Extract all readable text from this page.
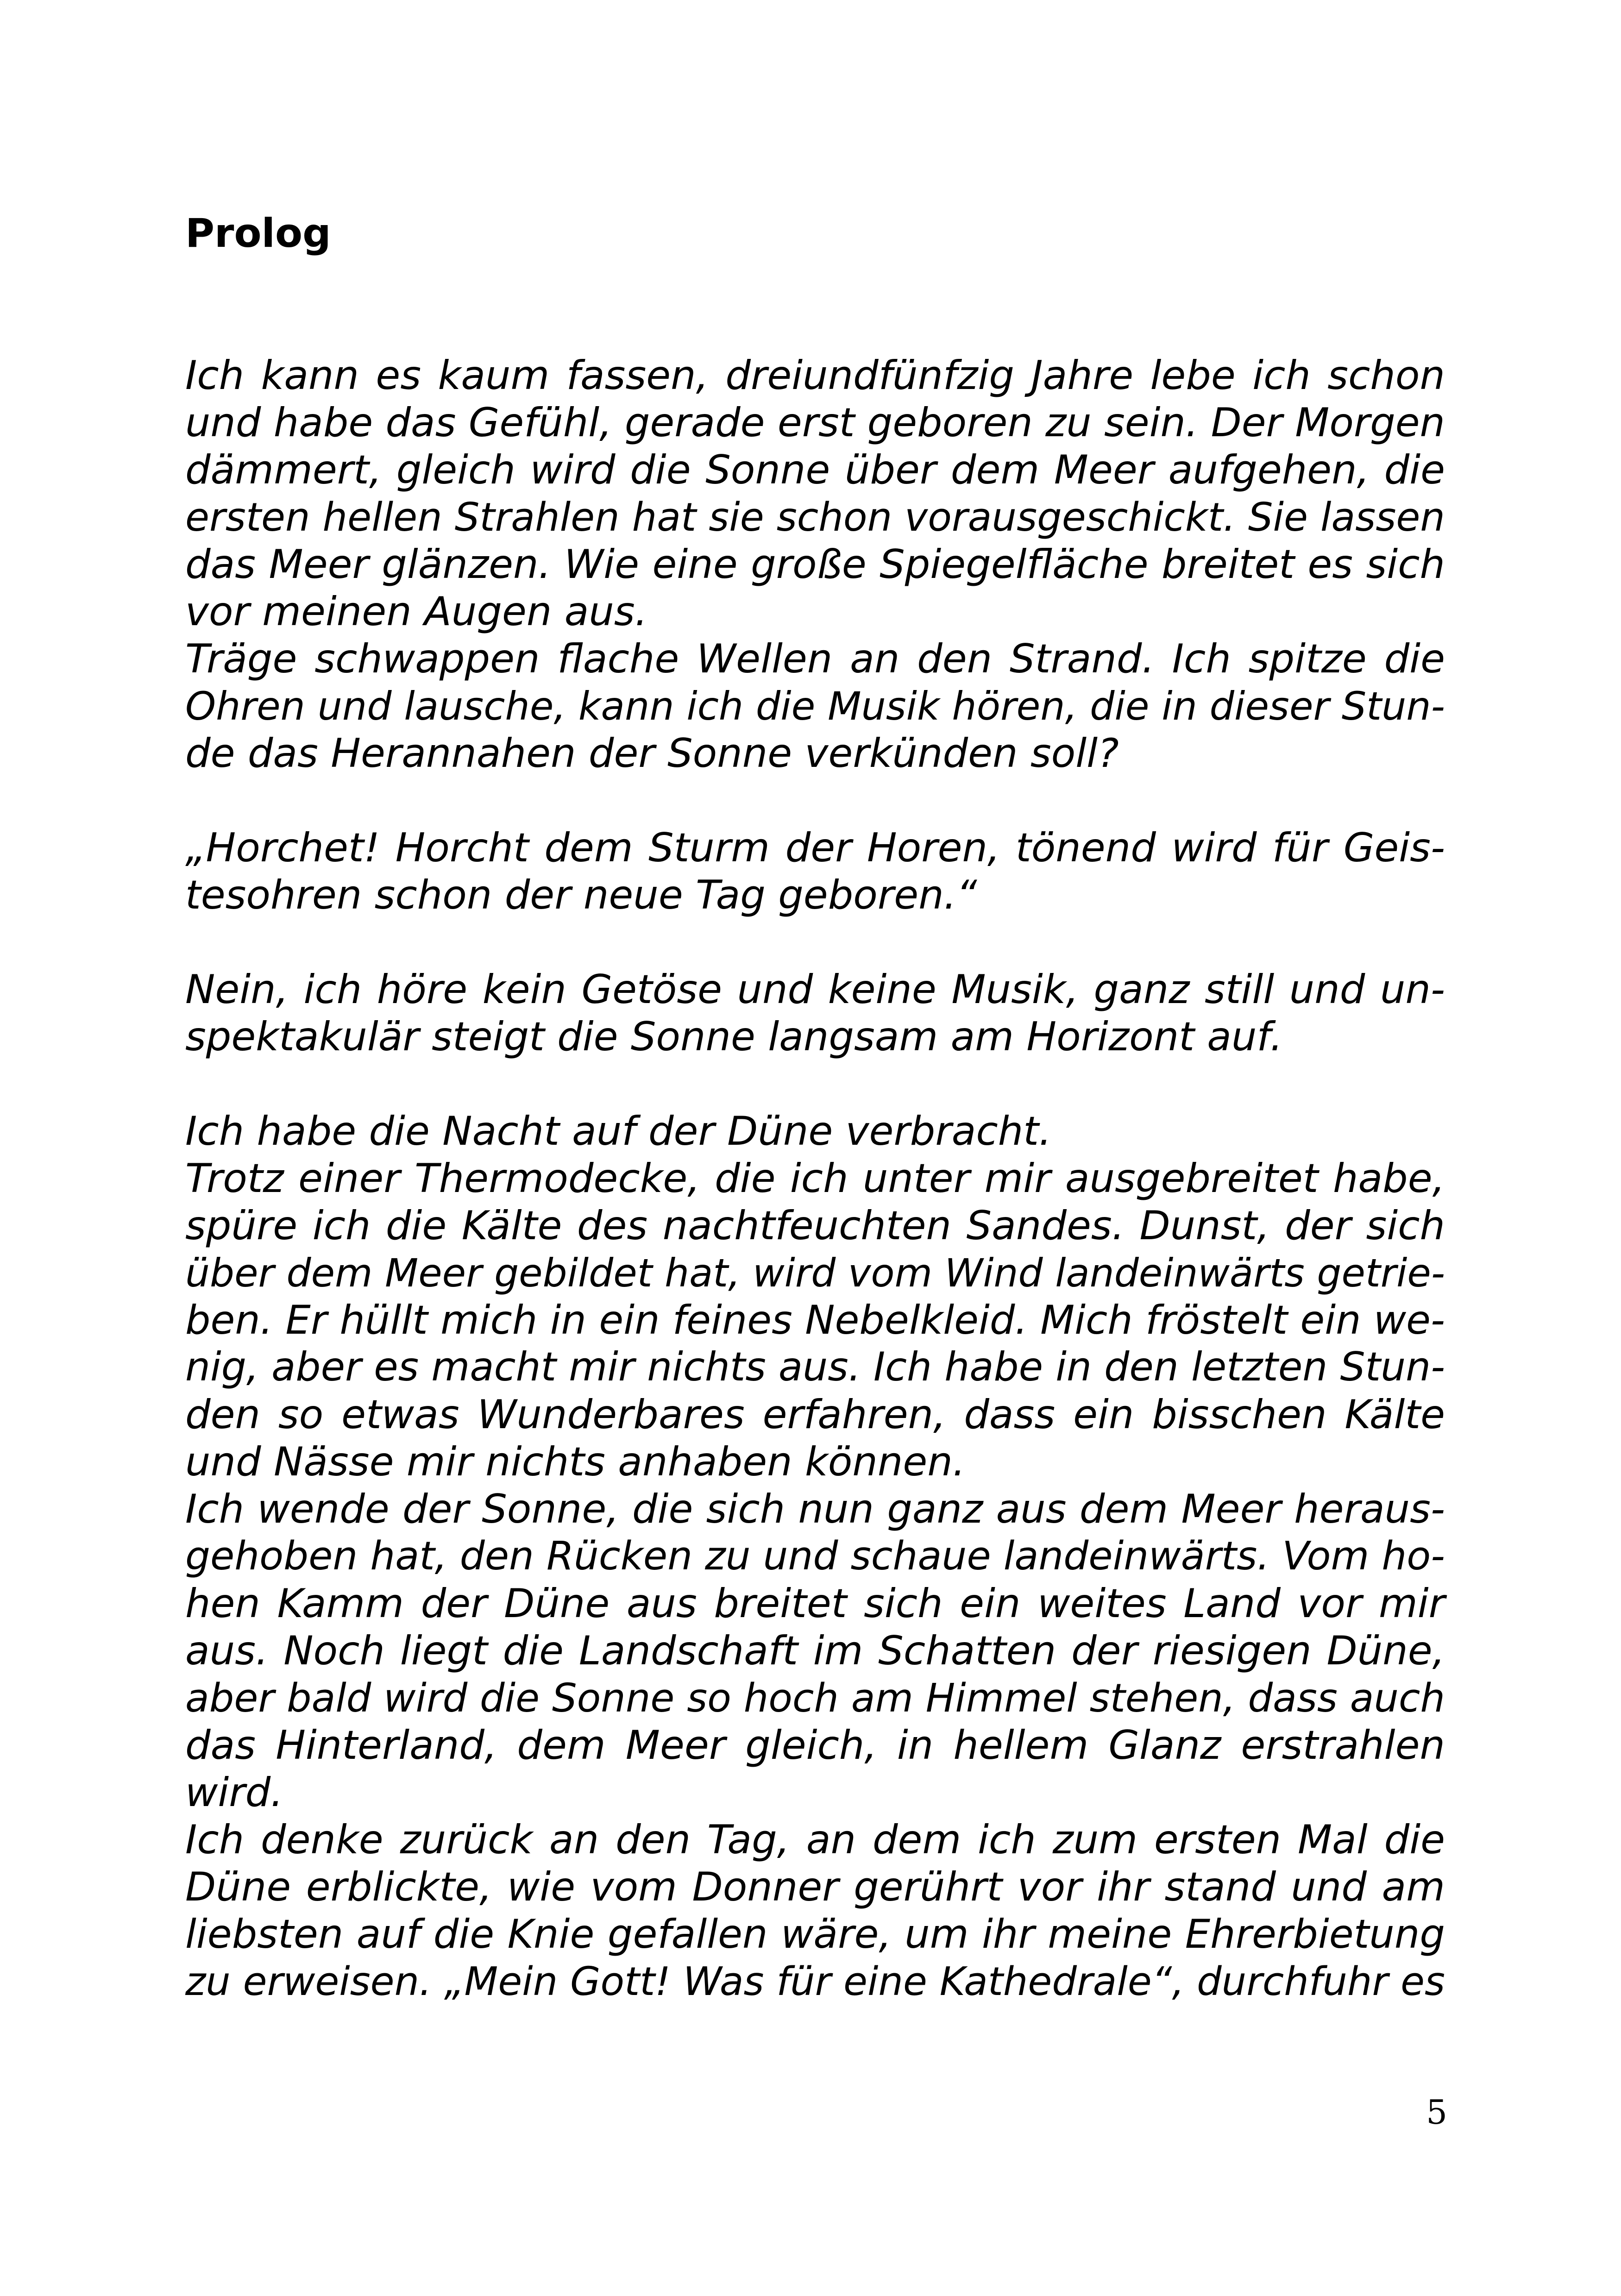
Prolog
Ich kann es kaum fassen, dreiundfünfzig Jahre lebe ich schon
und habe das Gefühl, gerade erst geboren zu sein. Der Morgen
dämmert, gleich wird die Sonne über dem Meer aufgehen, die
ersten hellen Strahlen hat sie schon vorausgeschickt. Sie lassen
das Meer glänzen. Wie eine große Spiegelfläche breitet es sich
vor meinen Augen aus.
Träge schwappen flache Wellen an den Strand. Ich spitze die
Ohren und lausche, kann ich die Musik hören, die in dieser Stun-
de das Herannahen der Sonne verkünden soll?
„Horchet! Horcht dem Sturm der Horen, tönend wird für Geis-
tesohren schon der neue Tag geboren.“
Nein, ich höre kein Getöse und keine Musik, ganz still und un-
spektakulär steigt die Sonne langsam am Horizont auf.
Ich habe die Nacht auf der Düne verbracht.
Trotz einer Thermodecke, die ich unter mir ausgebreitet habe,
spüre ich die Kälte des nachtfeuchten Sandes. Dunst, der sich
über dem Meer gebildet hat, wird vom Wind landeinwärts getrie-
ben. Er hüllt mich in ein feines Nebelkleid. Mich fröstelt ein we-
nig, aber es macht mir nichts aus. Ich habe in den letzten Stun-
den so etwas Wunderbares erfahren, dass ein bisschen Kälte
und Nässe mir nichts anhaben können.
Ich wende der Sonne, die sich nun ganz aus dem Meer heraus-
gehoben hat, den Rücken zu und schaue landeinwärts. Vom ho-
hen Kamm der Düne aus breitet sich ein weites Land vor mir
aus. Noch liegt die Landschaft im Schatten der riesigen Düne,
aber bald wird die Sonne so hoch am Himmel stehen, dass auch
das Hinterland, dem Meer gleich, in hellem Glanz erstrahlen
wird.
Ich denke zurück an den Tag, an dem ich zum ersten Mal die
Düne erblickte, wie vom Donner gerührt vor ihr stand und am
liebsten auf die Knie gefallen wäre, um ihr meine Ehrerbietung
zu erweisen. „Mein Gott! Was für eine Kathedrale“, durchfuhr es
5
